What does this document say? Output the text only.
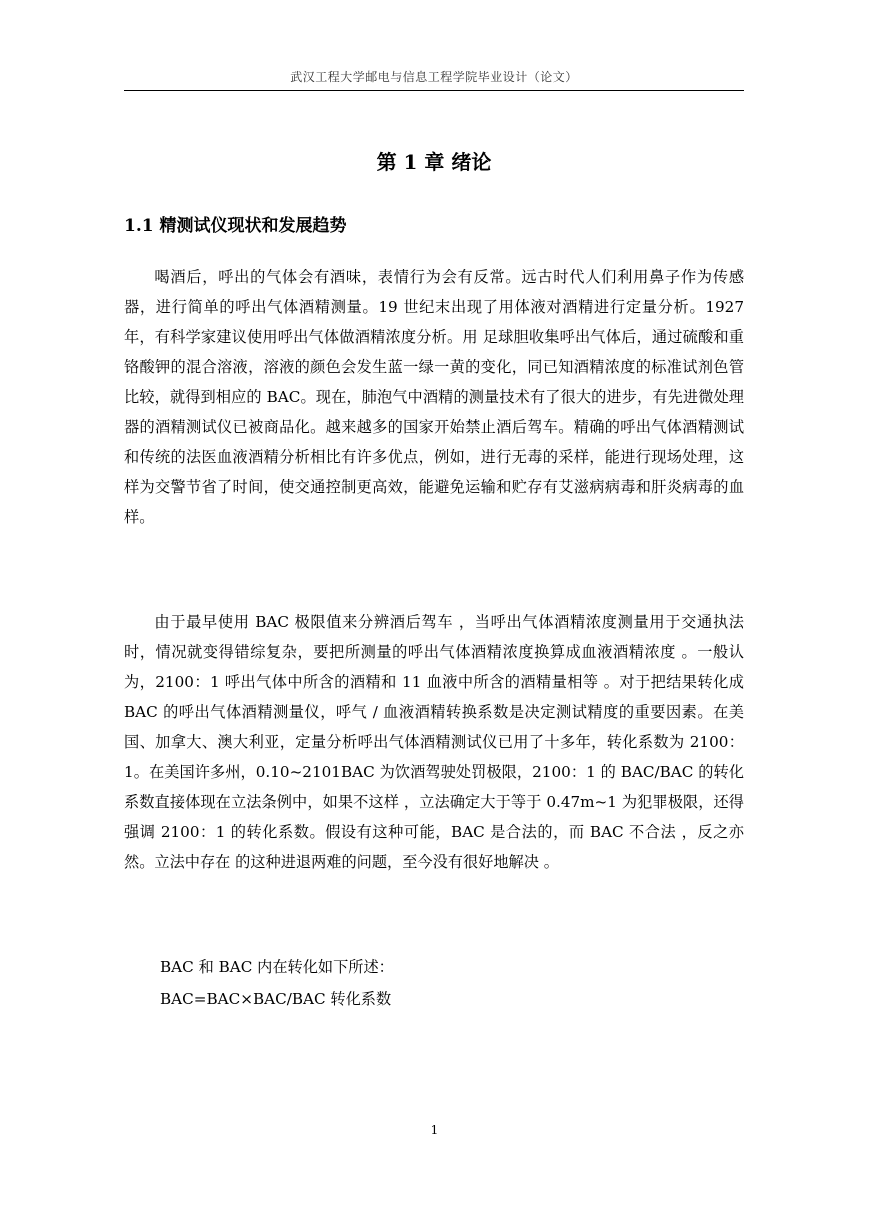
武汉工程大学邮电与信息工程学院毕业设计（论文）
第 1 章 绪论
1.1 精测试仪现状和发展趋势

喝酒后，呼出的气体会有酒味，表情行为会有反常。远古时代人们利用鼻子作为传感器，进行简单的呼出气体酒精测量。19 世纪末出现了用体液对酒精进行定量分析。1927 年，有科学家建议使用呼出气体做酒精浓度分析。用 足球胆收集呼出气体后，通过硫酸和重铬酸钾的混合溶液，溶液的颜色会发生蓝一绿一黄的变化，同已知酒精浓度的标准试剂色管比较，就得到相应的 BAC。现在，肺泡气中酒精的测量技术有了很大的进步，有先进微处理器的酒精测试仪已被商品化。越来越多的国家开始禁止酒后驾车。精确的呼出气体酒精测试和传统的法医血液酒精分析相比有许多优点，例如，进行无毒的采样，能进行现场处理，这样为交警节省了时间，使交通控制更高效，能避免运输和贮存有艾滋病病毒和肝炎病毒的血样。

由于最早使用 BAC 极限值来分辨酒后驾车 ，当呼出气体酒精浓度测量用于交通执法时，情况就变得错综复杂，要把所测量的呼出气体酒精浓度换算成血液酒精浓度 。一般认为，2100：1 呼出气体中所含的酒精和 11 血液中所含的酒精量相等 。对于把结果转化成 BAC 的呼出气体酒精测量仪，呼气 / 血液酒精转换系数是决定测试精度的重要因素。在美国、加拿大、澳大利亚，定量分析呼出气体酒精测试仪已用了十多年，转化系数为 2100：1。在美国许多州，0.10~2101BAC 为饮酒驾驶处罚极限，2100：1 的 BAC/BAC 的转化系数直接体现在立法条例中，如果不这样 ，立法确定大于等于 0.47m~1 为犯罪极限，还得强调 2100：1 的转化系数。假设有这种可能，BAC 是合法的，而 BAC 不合法 ，反之亦然。立法中存在 的这种进退两难的问题，至今没有很好地解决 。

BAC 和 BAC 内在转化如下所述：
BAC=BAC×BAC/BAC 转化系数
1
